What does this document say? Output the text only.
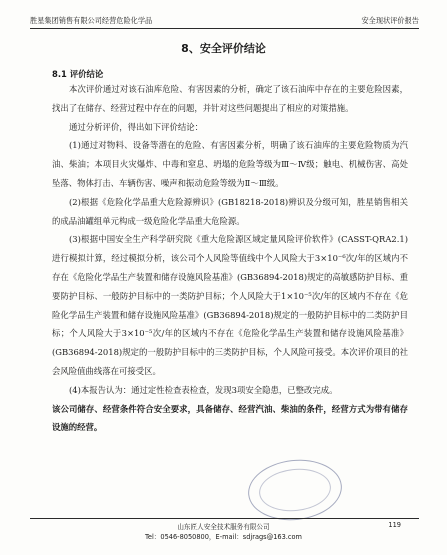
胜星集团销售有限公司经营危险化学品	安全现状评价报告
8、安全评价结论
8.1 评价结论

本次评价通过对该石油库危险、有害因素的分析，确定了该石油库中存在的主要危险因素，找出了在储存、经营过程中存在的问题，并针对这些问题提出了相应的对策措施。

通过分析评价，得出如下评价结论：

(1)通过对物料、设备等潜在的危险、有害因素分析，明确了该石油库的主要危险物质为汽油、柴油；本项目火灾爆炸、中毒和窒息、坍塌的危险等级为Ⅲ～Ⅳ级；触电、机械伤害、高处坠落、物体打击、车辆伤害、噪声和振动危险等级为Ⅱ～Ⅲ级。

(2)根据《危险化学品重大危险源辨识》(GB18218-2018)辨识及分级可知，胜星销售相关的成品油罐组单元构成一级危险化学品重大危险源。

(3)根据中国安全生产科学研究院《重大危险源区域定量风险评价软件》(CASST-QRA2.1)进行模拟计算，经过模拟分析，该公司个人风险等值线中个人风险大于3×10⁻⁶次/年的区域内不存在《危险化学品生产装置和储存设施风险基准》(GB36894-2018)规定的高敏感防护目标、重要防护目标、一般防护目标中的一类防护目标；个人风险大于1×10⁻⁵次/年的区域内不存在《危险化学品生产装置和储存设施风险基准》(GB36894-2018)规定的一般防护目标中的二类防护目标；个人风险大于3×10⁻⁵次/年的区域内不存在《危险化学品生产装置和储存设施风险基准》(GB36894-2018)规定的一般防护目标中的三类防护目标，个人风险可接受。本次评价项目的社会风险值曲线落在可接受区。

(4)本报告认为：通过定性检查表检查，发现3项安全隐患，已整改完成。

该公司储存、经营条件符合安全要求，具备储存、经营汽油、柴油的条件，经营方式为带有储存设施的经营。

山东匠人安全技术服务有限公司
Tel：0546-8050800，E-mail：sdjrags@163.com
119
